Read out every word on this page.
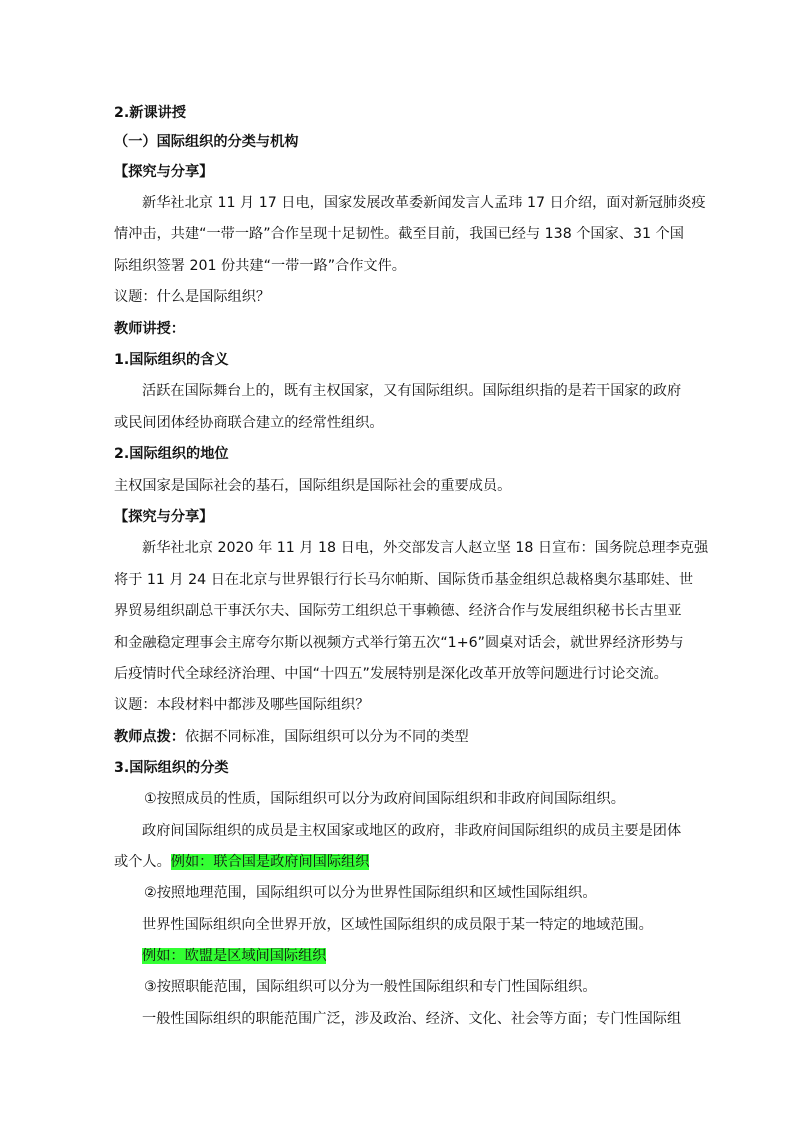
2.新课讲授
（一）国际组织的分类与机构
【探究与分享】
新华社北京 11 月 17 日电，国家发展改革委新闻发言人孟玮 17 日介绍，面对新冠肺炎疫
情冲击，共建“一带一路”合作呈现十足韧性。截至目前，我国已经与 138 个国家、31 个国
际组织签署 201 份共建“一带一路”合作文件。
议题：什么是国际组织？
教师讲授：
1.国际组织的含义
活跃在国际舞台上的，既有主权国家，又有国际组织。国际组织指的是若干国家的政府
或民间团体经协商联合建立的经常性组织。
2.国际组织的地位
主权国家是国际社会的基石，国际组织是国际社会的重要成员。
【探究与分享】
新华社北京 2020 年 11 月 18 日电，外交部发言人赵立坚 18 日宣布：国务院总理李克强
将于 11 月 24 日在北京与世界银行行长马尔帕斯、国际货币基金组织总裁格奥尔基耶娃、世
界贸易组织副总干事沃尔夫、国际劳工组织总干事赖德、经济合作与发展组织秘书长古里亚
和金融稳定理事会主席夸尔斯以视频方式举行第五次“1+6”圆桌对话会，就世界经济形势与
后疫情时代全球经济治理、中国“十四五”发展特别是深化改革开放等问题进行讨论交流。
议题：本段材料中都涉及哪些国际组织？
教师点拨：依据不同标准，国际组织可以分为不同的类型
3.国际组织的分类
①按照成员的性质，国际组织可以分为政府间国际组织和非政府间国际组织。
政府间国际组织的成员是主权国家或地区的政府，非政府间国际组织的成员主要是团体
或个人。例如：联合国是政府间国际组织
②按照地理范围，国际组织可以分为世界性国际组织和区域性国际组织。
世界性国际组织向全世界开放，区域性国际组织的成员限于某一特定的地域范围。
例如：欧盟是区域间国际组织
③按照职能范围，国际组织可以分为一般性国际组织和专门性国际组织。
一般性国际组织的职能范围广泛，涉及政治、经济、文化、社会等方面；专门性国际组
